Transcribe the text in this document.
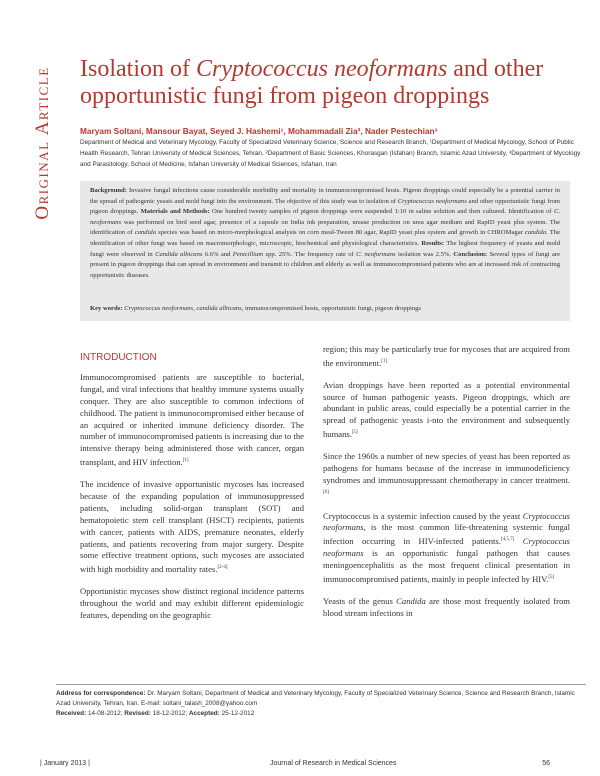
Original Article Isolation of Cryptococcus neoformans and other opportunistic fungi from pigeon droppings
Maryam Soltani, Mansour Bayat, Seyed J. Hashemi¹, Mohammadali Zia², Nader Pestechian³
Department of Medical and Veterinary Mycology, Faculty of Specialized Veterinary Science, Science and Research Branch, ¹Department of Medical Mycology, School of Public Health Research, Tehran University of Medical Sciences, Tehran, ²Department of Basic Sciences, Khorasgan (Isfahan) Branch, Islamic Azad University, ³Department of Mycology and Parasitology, School of Medicine, Isfahan University of Medical Sciences, Isfahan, Iran
Background: Invasive fungal infections cause considerable morbidity and mortality in immunocompromised hosts. Pigeon droppings could especially be a potential carrier in the spread of pathogenic yeasts and mold fungi into the environment. The objective of this study was to isolation of Cryptococcus neoformans and other opportunistic fungi from pigeon droppings. Materials and Methods: One hundred twenty samples of pigeon droppings were suspended 1:10 in saline solution and then cultured. Identification of C. neoformans was performed on bird seed agar, presence of a capsule on India ink preparation, urease production on urea agar medium and RapID yeast plus system. The identification of candida species was based on micro-morphological analysis on corn meal-Tween 80 agar, RapID yeast plus system and growth in CHROMagar candida. The identification of other fungi was based on macromorphologic, microscopic, biochemical and physiological characteristics. Results: The highest frequency of yeasts and mold fungi were observed in Candida albicans 6.6% and Penicillium spp. 25%. The frequency rate of C. neoformans isolation was 2.5%. Conclusion: Several types of fungi are present in pigeon droppings that can spread in environment and transmit to children and elderly as well as immunocompromised patients who are at increased risk of contracting opportunistic diseases.
Key words: Cryptococcus neoformans, candida albicans, immunocompromised hosts, opportunistic fungi, pigeon droppings
INTRODUCTION

Immunocompromised patients are susceptible to bacterial, fungal, and viral infections that healthy immune systems usually conquer. They are also susceptible to common infections of childhood. The patient is immunocompromised either because of an acquired or inherited immune deficiency disorder. The number of immunocompromised patients is increasing due to the intensive therapy being administered those with cancer, organ transplant, and HIV infection.[1]

The incidence of invasive opportunistic mycoses has increased because of the expanding population of immunosuppressed patients, including solid-organ transplant (SOT) and hematopoietic stem cell transplant (HSCT) recipients, patients with cancer, patients with AIDS, premature neonates, elderly patients, and patients recovering from major surgery. Despite some effective treatment options, such mycoses are associated with high morbidity and mortality rates.[2-4]

Opportunistic mycoses show distinct regional incidence patterns throughout the world and may exhibit different epidemiologic features, depending on the geographic

region; this may be particularly true for mycoses that are acquired from the environment.[1]

Avian droppings have been reported as a potential environmental source of human pathogenic yeasts. Pigeon droppings, which are abundant in public areas, could especially be a potential carrier in the spread of pathogenic yeasts i-nto the environment and subsequently humans.[5]

Since the 1960s a number of new species of yeast has been reported as pathogens for humans because of the increase in immunodeficiency syndromes and immunosuppressant chemotherapy in cancer treatment.[6]

Cryptococcus is a systemic infection caused by the yeast Cryptococcus neoformans, is the most common life-threatening systemic fungal infection occurring in HIV-infected patients.[4,5,7] Cryptococcus neoformans is an opportunistic fungal pathogen that causes meningoencephalitis as the most frequent clinical presentation in immunocompromised patients, mainly in people infected by HIV.[5]

Yeasts of the genus Candida are those most frequently isolated from blood stream infections in

Address for correspondence: Dr. Maryam Soltani, Department of Medical and Veterinary Mycology, Faculty of Specialized Veterinary Science, Science and Research Branch, Islamic Azad University, Tehran, Iran. E-mail: soltani_talash_2008@yahoo.com
Received: 14-08-2012; Revised: 18-12-2012; Accepted: 25-12-2012
| January 2013 |	Journal of Research in Medical Sciences	56
